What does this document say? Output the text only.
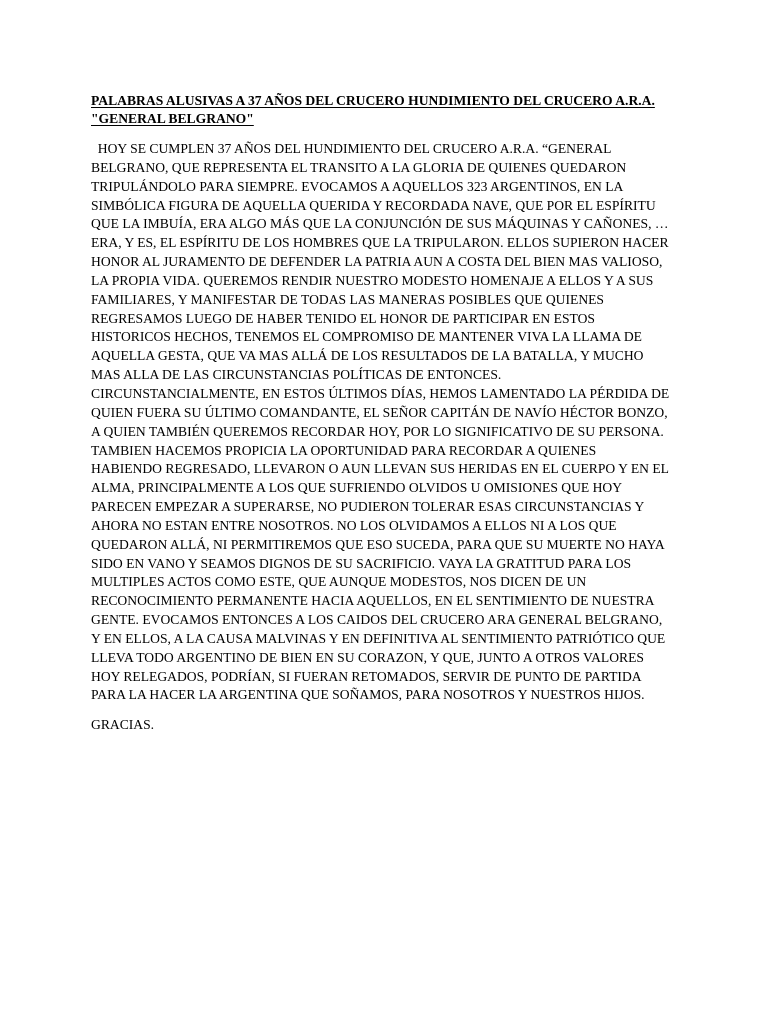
PALABRAS ALUSIVAS A 37 AÑOS DEL CRUCERO HUNDIMIENTO DEL CRUCERO A.R.A.
"GENERAL BELGRANO"

HOY SE CUMPLEN 37 AÑOS DEL HUNDIMIENTO DEL CRUCERO A.R.A. “GENERAL
BELGRANO, QUE REPRESENTA EL TRANSITO A LA GLORIA DE QUIENES QUEDARON
TRIPULÁNDOLO PARA SIEMPRE. EVOCAMOS A AQUELLOS 323 ARGENTINOS, EN LA
SIMBÓLICA FIGURA DE AQUELLA QUERIDA Y RECORDADA NAVE, QUE POR EL ESPÍRITU
QUE LA IMBUÍA, ERA ALGO MÁS QUE LA CONJUNCIÓN DE SUS MÁQUINAS Y CAÑONES, …
ERA, Y ES, EL ESPÍRITU DE LOS HOMBRES QUE LA TRIPULARON. ELLOS SUPIERON HACER
HONOR AL JURAMENTO DE DEFENDER LA PATRIA AUN A COSTA DEL BIEN MAS VALIOSO,
LA PROPIA VIDA. QUEREMOS RENDIR NUESTRO MODESTO HOMENAJE A ELLOS Y A SUS
FAMILIARES, Y MANIFESTAR DE TODAS LAS MANERAS POSIBLES QUE QUIENES
REGRESAMOS LUEGO DE HABER TENIDO EL HONOR DE PARTICIPAR EN ESTOS
HISTORICOS HECHOS, TENEMOS EL COMPROMISO DE MANTENER VIVA LA LLAMA DE
AQUELLA GESTA, QUE VA MAS ALLÁ DE LOS RESULTADOS DE LA BATALLA, Y MUCHO
MAS ALLA DE LAS CIRCUNSTANCIAS POLÍTICAS DE ENTONCES.
CIRCUNSTANCIALMENTE, EN ESTOS ÚLTIMOS DÍAS, HEMOS LAMENTADO LA PÉRDIDA DE
QUIEN FUERA SU ÚLTIMO COMANDANTE, EL SEÑOR CAPITÁN DE NAVÍO HÉCTOR BONZO,
A QUIEN TAMBIÉN QUEREMOS RECORDAR HOY, POR LO SIGNIFICATIVO DE SU PERSONA.
TAMBIEN HACEMOS PROPICIA LA OPORTUNIDAD PARA RECORDAR A QUIENES
HABIENDO REGRESADO, LLEVARON O AUN LLEVAN SUS HERIDAS EN EL CUERPO Y EN EL
ALMA, PRINCIPALMENTE A LOS QUE SUFRIENDO OLVIDOS U OMISIONES QUE HOY
PARECEN EMPEZAR A SUPERARSE, NO PUDIERON TOLERAR ESAS CIRCUNSTANCIAS Y
AHORA NO ESTAN ENTRE NOSOTROS. NO LOS OLVIDAMOS A ELLOS NI A LOS QUE
QUEDARON ALLÁ, NI PERMITIREMOS QUE ESO SUCEDA, PARA QUE SU MUERTE NO HAYA
SIDO EN VANO Y SEAMOS DIGNOS DE SU SACRIFICIO. VAYA LA GRATITUD PARA LOS
MULTIPLES ACTOS COMO ESTE, QUE AUNQUE MODESTOS, NOS DICEN DE UN
RECONOCIMIENTO PERMANENTE HACIA AQUELLOS, EN EL SENTIMIENTO DE NUESTRA
GENTE. EVOCAMOS ENTONCES A LOS CAIDOS DEL CRUCERO ARA GENERAL BELGRANO,
Y EN ELLOS, A LA CAUSA MALVINAS Y EN DEFINITIVA AL SENTIMIENTO PATRIÓTICO QUE
LLEVA TODO ARGENTINO DE BIEN EN SU CORAZON, Y QUE, JUNTO A OTROS VALORES
HOY RELEGADOS, PODRÍAN, SI FUERAN RETOMADOS, SERVIR DE PUNTO DE PARTIDA
PARA LA HACER LA ARGENTINA QUE SOÑAMOS, PARA NOSOTROS Y NUESTROS HIJOS.

GRACIAS.
